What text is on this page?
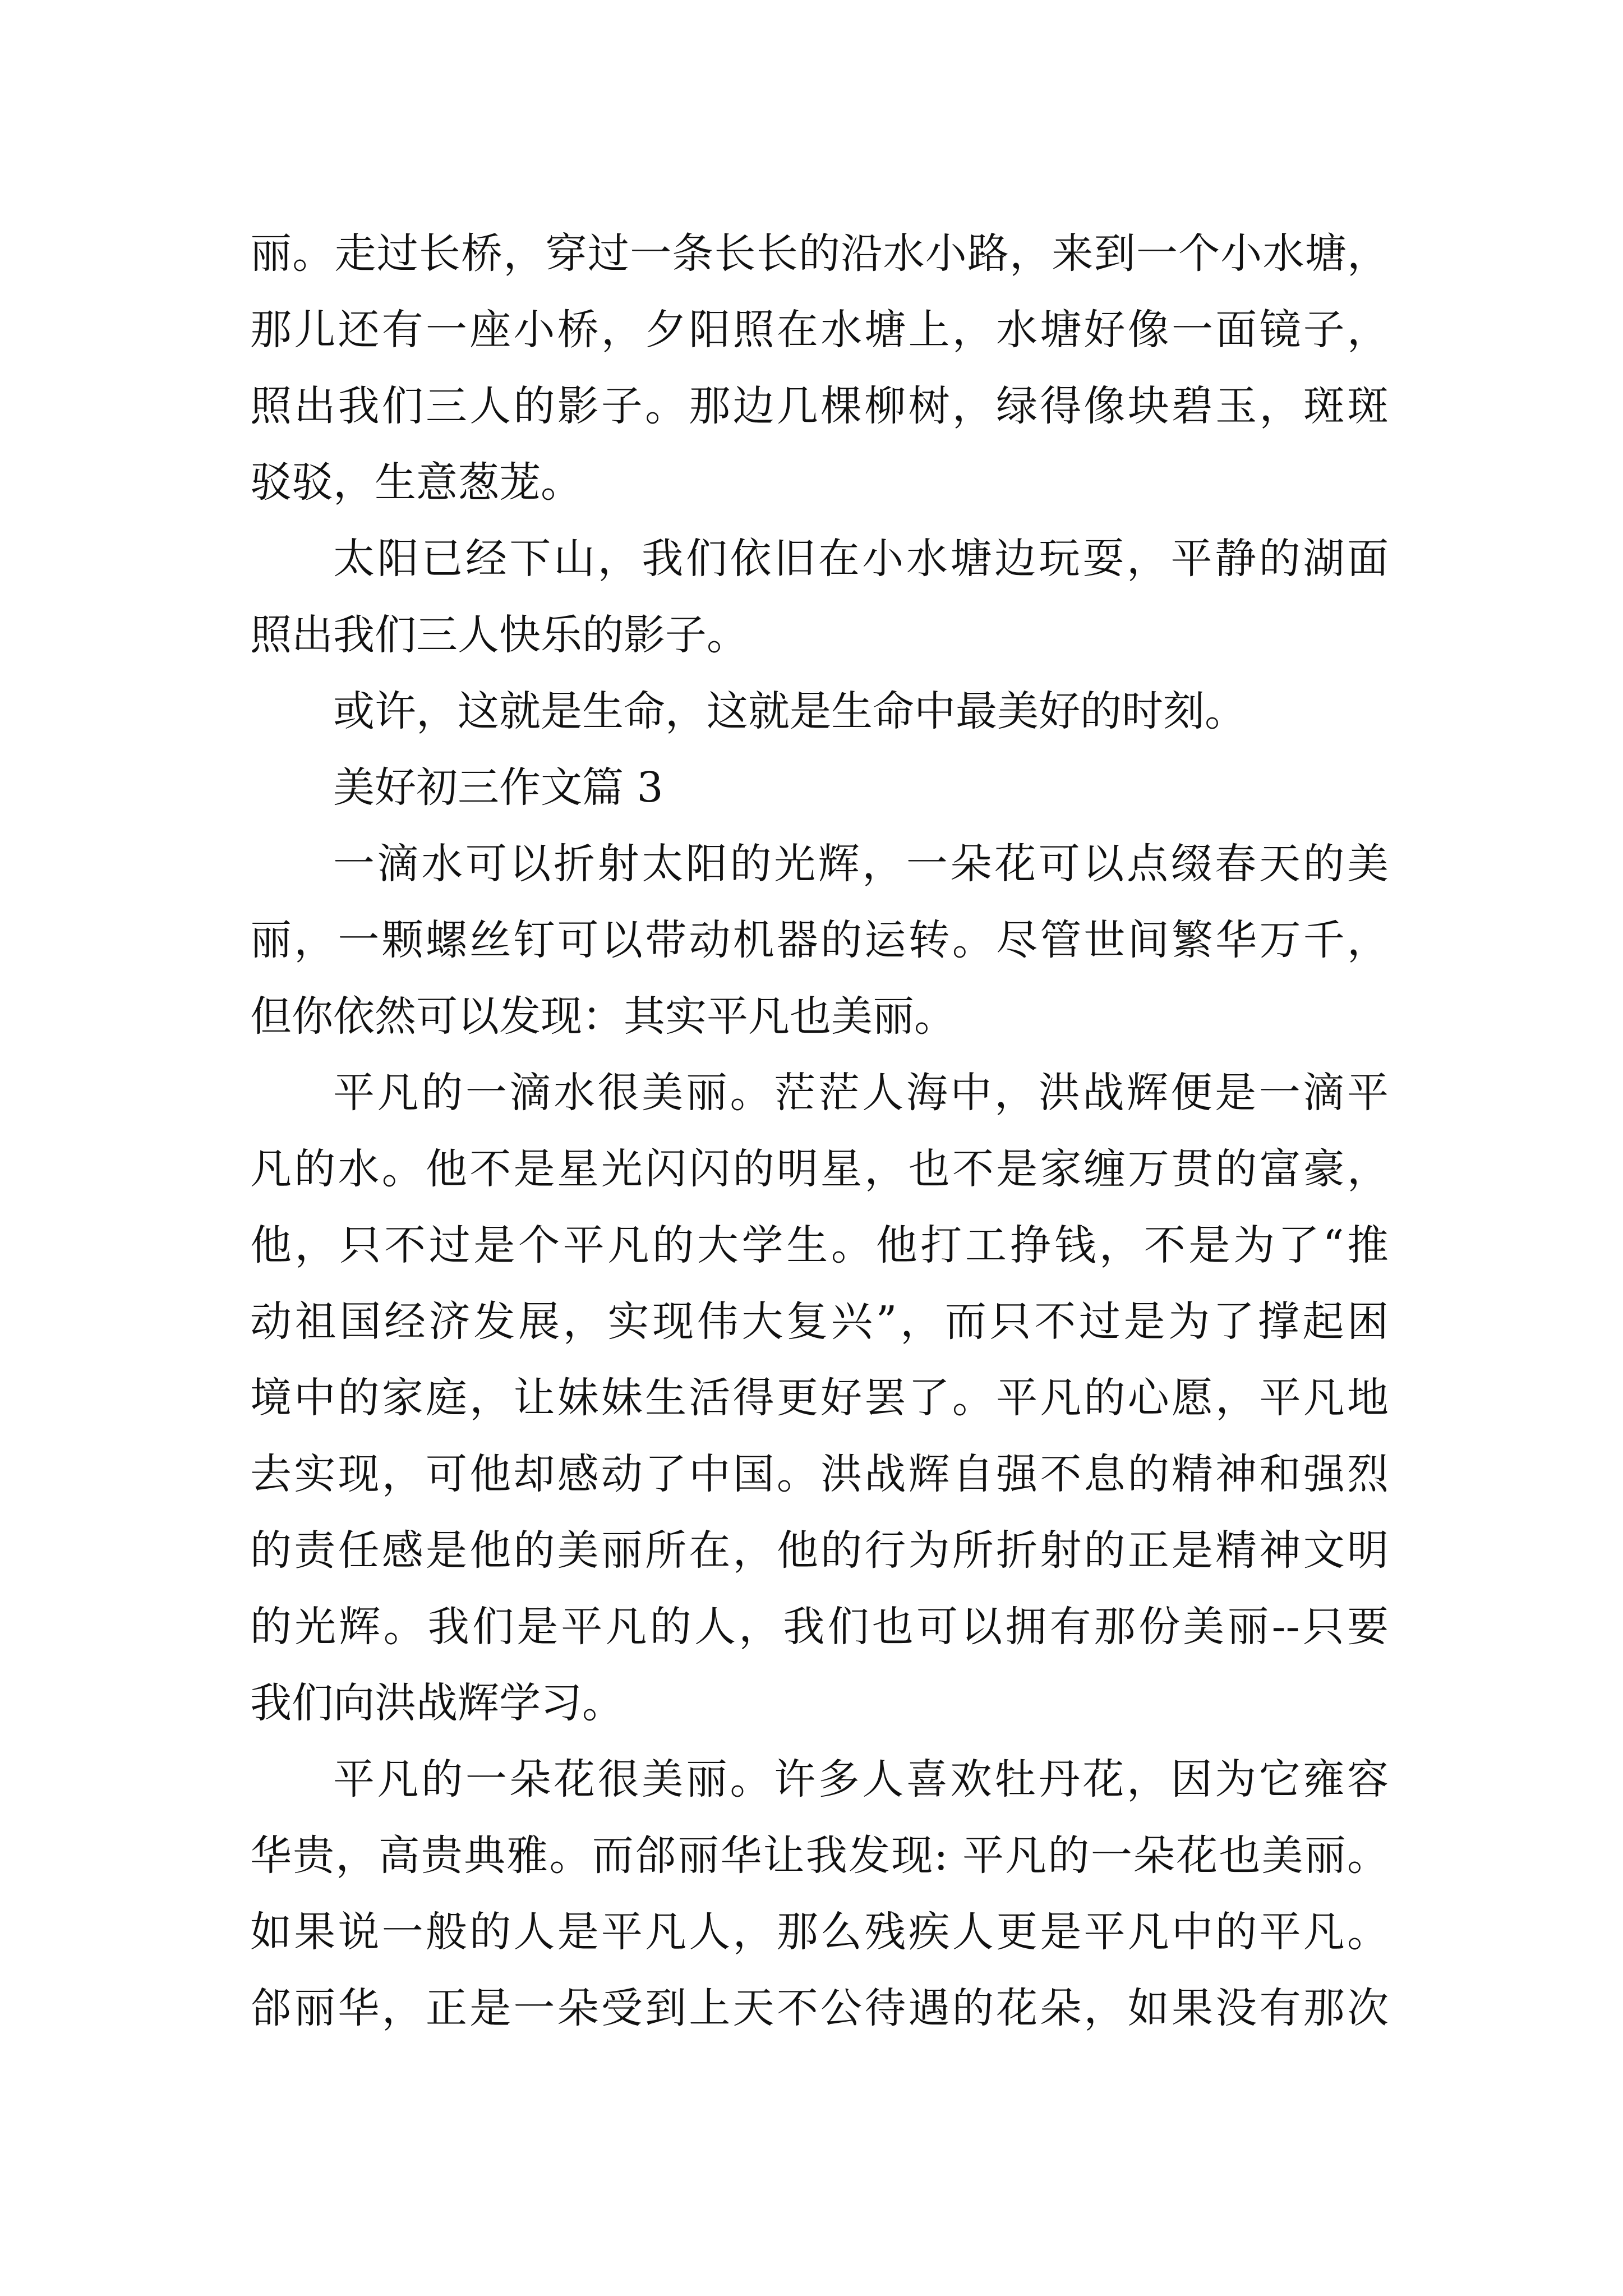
丽。走过长桥，穿过一条长长的沿水小路，来到一个小水塘，
那儿还有一座小桥，夕阳照在水塘上，水塘好像一面镜子，
照出我们三人的影子。那边几棵柳树，绿得像块碧玉，斑斑
驳驳，生意葱茏。

太阳已经下山，我们依旧在小水塘边玩耍，平静的湖面
照出我们三人快乐的影子。

或许，这就是生命，这就是生命中最美好的时刻。

美好初三作文篇 3

一滴水可以折射太阳的光辉，一朵花可以点缀春天的美
丽，一颗螺丝钉可以带动机器的运转。尽管世间繁华万千，
但你依然可以发现：其实平凡也美丽。

平凡的一滴水很美丽。茫茫人海中，洪战辉便是一滴平
凡的水。他不是星光闪闪的明星，也不是家缠万贯的富豪，
他，只不过是个平凡的大学生。他打工挣钱，不是为了“推
动祖国经济发展，实现伟大复兴”，而只不过是为了撑起困
境中的家庭，让妹妹生活得更好罢了。平凡的心愿，平凡地
去实现，可他却感动了中国。洪战辉自强不息的精神和强烈
的责任感是他的美丽所在，他的行为所折射的正是精神文明
的光辉。我们是平凡的人，我们也可以拥有那份美丽--只要
我们向洪战辉学习。

平凡的一朵花很美丽。许多人喜欢牡丹花，因为它雍容
华贵，高贵典雅。而郃丽华让我发现: 平凡的一朵花也美丽。
如果说一般的人是平凡人，那么残疾人更是平凡中的平凡。
郃丽华，正是一朵受到上天不公待遇的花朵，如果没有那次
